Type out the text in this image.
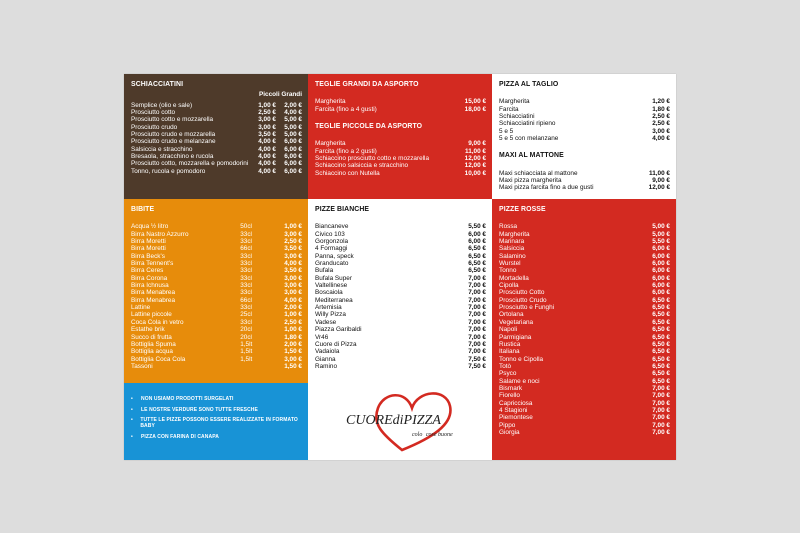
SCHIACCIATINI
Piccoli Grandi
Semplice (olio e sale)	1,00 €	2,00 €
Prosciutto cotto	2,50 €	4,00 €
Prosciutto cotto e mozzarella	3,00 €	5,00 €
Prosciutto crudo	3,00 €	5,00 €
Prosciutto crudo e mozzarella	3,50 €	5,00 €
Prosciutto crudo e melanzane	4,00 €	6,00 €
Salsiccia e stracchino	4,00 €	6,00 €
Bresaola, stracchino e rucola	4,00 €	6,00 €
Prosciutto cotto, mozzarella e pomodorini	4,00 €	6,00 €
Tonno, rucola e pomodoro	4,00 €	6,00 €
TEGLIE GRANDI DA ASPORTO
Margherita	15,00 €
Farcita (fino a 4 gusti)	18,00 €
TEGLIE PICCOLE DA ASPORTO
Margherita	9,00 €
Farcita (fino a 2 gusti)	11,00 €
Schiaccino prosciutto cotto e mozzarella	12,00 €
Schiaccino salsiccia e stracchino	12,00 €
Schiaccino con Nutella	10,00 €
PIZZA AL TAGLIO
Margherita	1,20 €
Farcita	1,80 €
Schiacciatini	2,50 €
Schiacciatini ripieno	2,50 €
5 e 5	3,00 €
5 e 5 con melanzane	4,00 €
MAXI AL MATTONE
Maxi schiacciata al mattone	11,00 €
Maxi pizza margherita	9,00 €
Maxi pizza farcita fino a due gusti	12,00 €
BIBITE
Acqua ½ litro	50cl	1,00 €
Birra Nastro Azzurro	33cl	3,00 €
Birra Moretti	33cl	2,50 €
Birra Moretti	66cl	3,50 €
Birra Beck's	33cl	3,00 €
Birra Tennent's	33cl	4,00 €
Birra Ceres	33cl	3,50 €
Birra Corona	33cl	3,00 €
Birra Ichnusa	33cl	3,00 €
Birra Menabrea	33cl	3,00 €
Birra Menabrea	66cl	4,00 €
Lattine	33cl	2,00 €
Lattine piccole	25cl	1,00 €
Coca Cola in vetro	33cl	2,50 €
Estathe brik	20cl	1,00 €
Succo di frutta	20cl	1,80 €
Bottiglia Spuma	1,5lt	2,00 €
Bottiglia acqua	1,5lt	1,50 €
Bottiglia Coca Cola	1,5lt	3,00 €
Tassoni	1,50 €
•	NON USIAMO PRODOTTI SURGELATI
•	LE NOSTRE VERDURE SONO TUTTE FRESCHE
•	TUTTE LE PIZZE POSSONO ESSERE REALIZZATE IN FORMATO BABY
•	PIZZA CON FARINA DI CANAPA
PIZZE BIANCHE
Biancaneve	5,50 €
Civico 103	6,00 €
Gorgonzola	6,00 €
4 Formaggi	6,50 €
Panna, speck	6,50 €
Granducato	6,50 €
Bufala	6,50 €
Bufala Super	7,00 €
Valtellinese	7,00 €
Boscaiola	7,00 €
Mediterranea	7,00 €
Artemisia	7,00 €
Willy Pizza	7,00 €
Vadese	7,00 €
Piazza Garibaldi	7,00 €
Vr46	7,00 €
Cuore di Pizza	7,00 €
Vadaiola	7,00 €
Gianna	7,50 €
Ramino	7,50 €
CUOREdiPIZZA
colo cose buone
PIZZE ROSSE
Rossa	5,00 €
Margherita	5,00 €
Marinara	5,50 €
Salsiccia	6,00 €
Salamino	6,00 €
Wurstel	6,00 €
Tonno	6,00 €
Mortadella	6,00 €
Cipolla	6,00 €
Prosciutto Cotto	6,00 €
Prosciutto Crudo	6,50 €
Prosciutto e Funghi	6,50 €
Ortolana	6,50 €
Vegetariana	6,50 €
Napoli	6,50 €
Parmigiana	6,50 €
Rustica	6,50 €
Italiana	6,50 €
Tonno e Cipolla	6,50 €
Totò	6,50 €
Psyco	6,50 €
Salame e noci	6,50 €
Bismark	7,00 €
Fiorello	7,00 €
Capricciosa	7,00 €
4 Stagioni	7,00 €
Piemontese	7,00 €
Pippo	7,00 €
Giorgia	7,00 €
